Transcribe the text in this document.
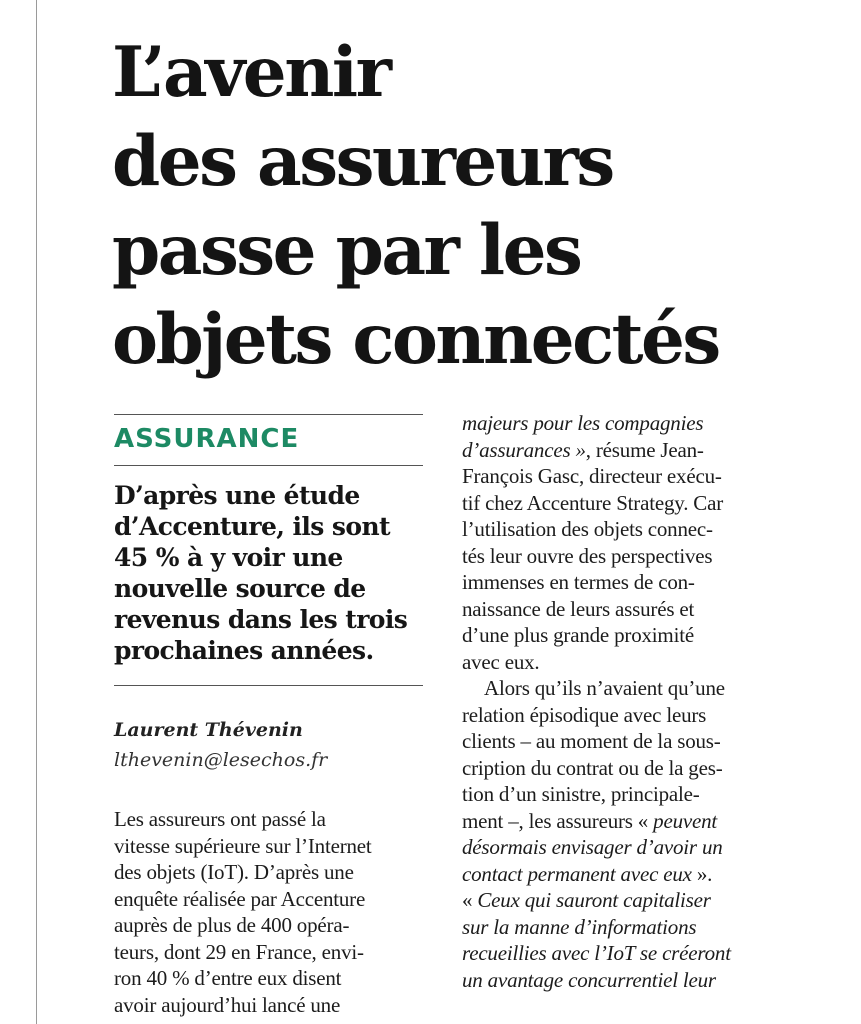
L’avenir
des assureurs
passe par les
objets connectés

ASSURANCE

D’après une étude
d’Accenture, ils sont
45 % à y voir une
nouvelle source de
revenus dans les trois
prochaines années.

Laurent Thévenin

lthevenin@lesechos.fr

Les assureurs ont passé la
vitesse supérieure sur l’Internet
des objets (IoT). D’après une
enquête réalisée par Accenture
auprès de plus de 400 opéra-
teurs, dont 29 en France, envi-
ron 40 % d’entre eux disent
avoir aujourd’hui lancé une
majeurs pour les compagnies
d’assurances », résume Jean-
François Gasc, directeur exécu-
tif chez Accenture Strategy. Car
l’utilisation des objets connec-
tés leur ouvre des perspectives
immenses en termes de con-
naissance de leurs assurés et
d’une plus grande proximité
avec eux.
Alors qu’ils n’avaient qu’une
relation épisodique avec leurs
clients – au moment de la sous-
cription du contrat ou de la ges-
tion d’un sinistre, principale-
ment –, les assureurs « peuvent
désormais envisager d’avoir un
contact permanent avec eux ».
« Ceux qui sauront capitaliser
sur la manne d’informations
recueillies avec l’IoT se créeront
un avantage concurrentiel leur
